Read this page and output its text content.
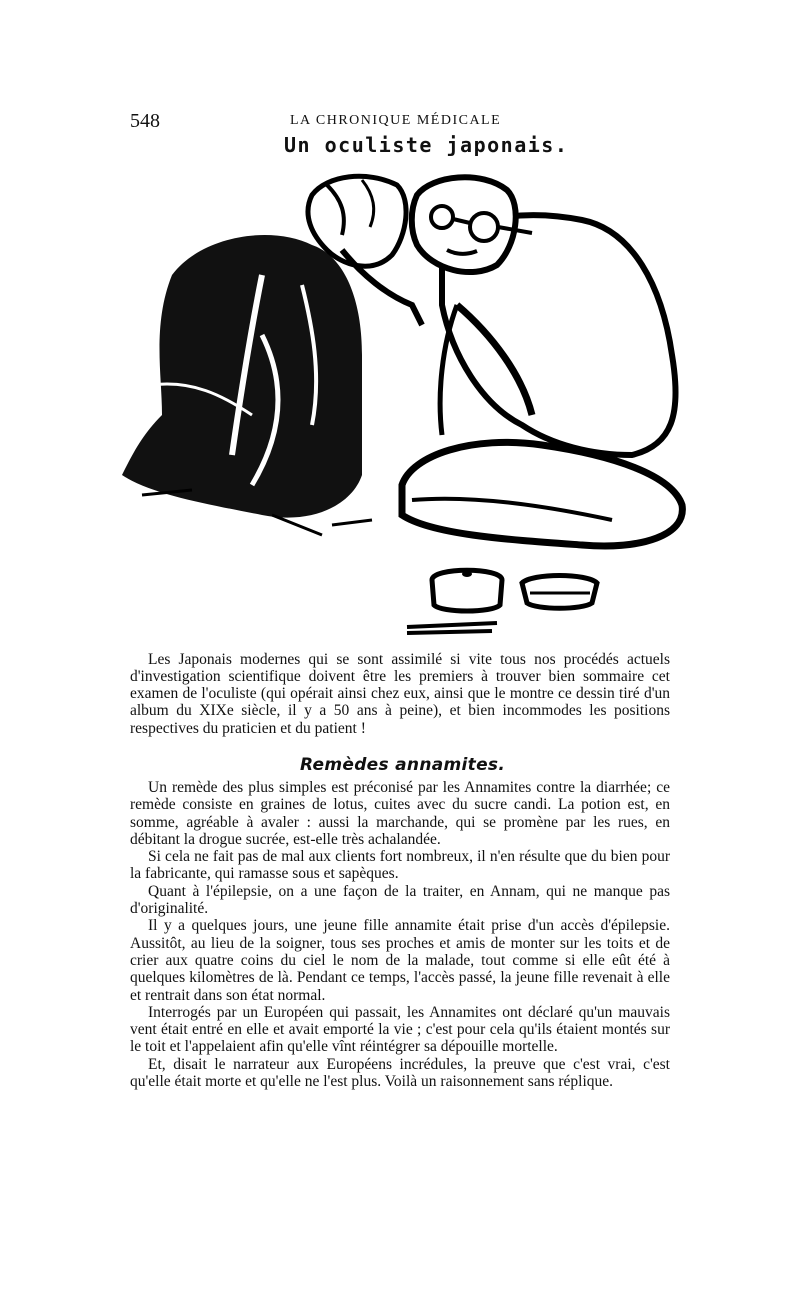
548	LA CHRONIQUE MÉDICALE
Un oculiste japonais.

Les Japonais modernes qui se sont assimilé si vite tous nos procédés actuels d'investigation scientifique doivent être les premiers à trouver bien sommaire cet examen de l'oculiste (qui opérait ainsi chez eux, ainsi que le montre ce dessin tiré d'un album du XIXe siècle, il y a 50 ans à peine), et bien incommodes les positions respectives du praticien et du patient !

Remèdes annamites.

Un remède des plus simples est préconisé par les Annamites contre la diarrhée; ce remède consiste en graines de lotus, cuites avec du sucre candi. La potion est, en somme, agréable à avaler : aussi la marchande, qui se promène par les rues, en débitant la drogue sucrée, est-elle très achalandée.

Si cela ne fait pas de mal aux clients fort nombreux, il n'en résulte que du bien pour la fabricante, qui ramasse sous et sapèques.

Quant à l'épilepsie, on a une façon de la traiter, en Annam, qui ne manque pas d'originalité.

Il y a quelques jours, une jeune fille annamite était prise d'un accès d'épilepsie. Aussitôt, au lieu de la soigner, tous ses proches et amis de monter sur les toits et de crier aux quatre coins du ciel le nom de la malade, tout comme si elle eût été à quelques kilomètres de là. Pendant ce temps, l'accès passé, la jeune fille revenait à elle et rentrait dans son état normal.

Interrogés par un Européen qui passait, les Annamites ont déclaré qu'un mauvais vent était entré en elle et avait emporté la vie ; c'est pour cela qu'ils étaient montés sur le toit et l'appelaient afin qu'elle vînt réintégrer sa dépouille mortelle.

Et, disait le narrateur aux Européens incrédules, la preuve que c'est vrai, c'est qu'elle était morte et qu'elle ne l'est plus. Voilà un raisonnement sans réplique.
